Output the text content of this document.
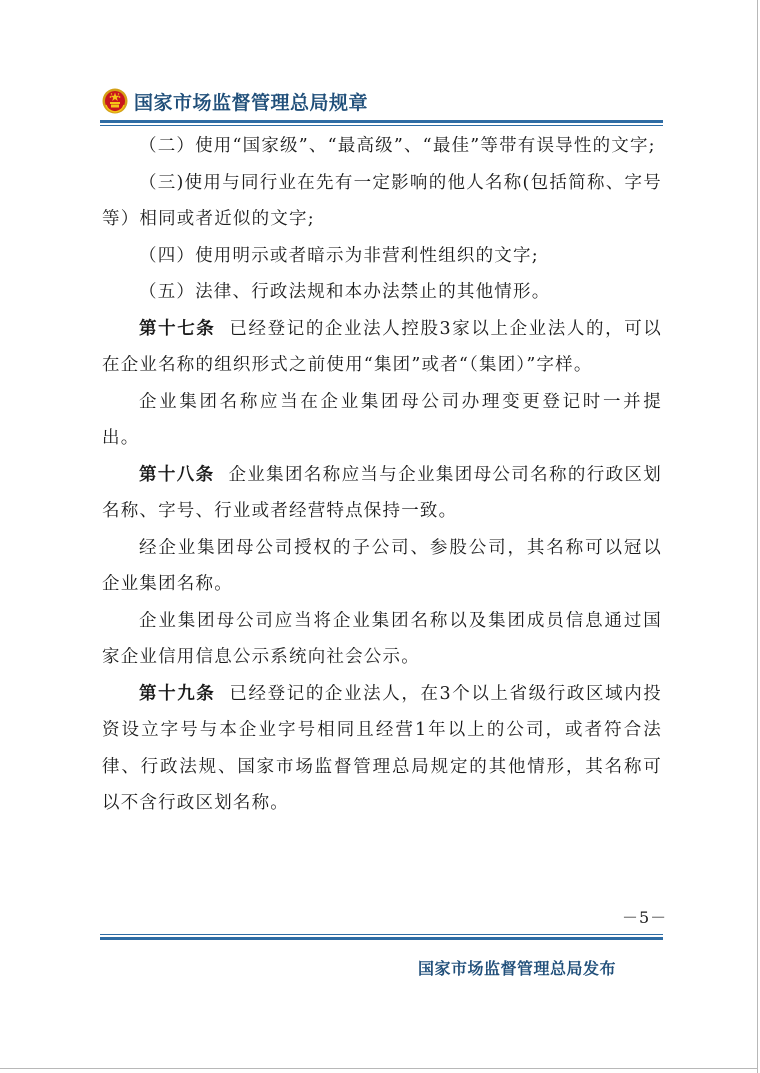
国家市场监督管理总局规章

（二）使用“国家级”、“最高级”、“最佳”等带有误导性的文字;

（三)使用与同行业在先有一定影响的他人名称(包括简称、字号等）相同或者近似的文字;

（四）使用明示或者暗示为非营利性组织的文字;

（五）法律、行政法规和本办法禁止的其他情形。

第十七条 已经登记的企业法人控股3家以上企业法人的，可以在企业名称的组织形式之前使用“集团”或者“（集团）”字样。

企业集团名称应当在企业集团母公司办理变更登记时一并提出。

第十八条 企业集团名称应当与企业集团母公司名称的行政区划名称、字号、行业或者经营特点保持一致。

经企业集团母公司授权的子公司、参股公司，其名称可以冠以企业集团名称。

企业集团母公司应当将企业集团名称以及集团成员信息通过国家企业信用信息公示系统向社会公示。

第十九条 已经登记的企业法人，在3个以上省级行政区域内投资设立字号与本企业字号相同且经营1年以上的公司，或者符合法律、行政法规、国家市场监督管理总局规定的其他情形，其名称可以不含行政区划名称。

－5－
国家市场监督管理总局发布
